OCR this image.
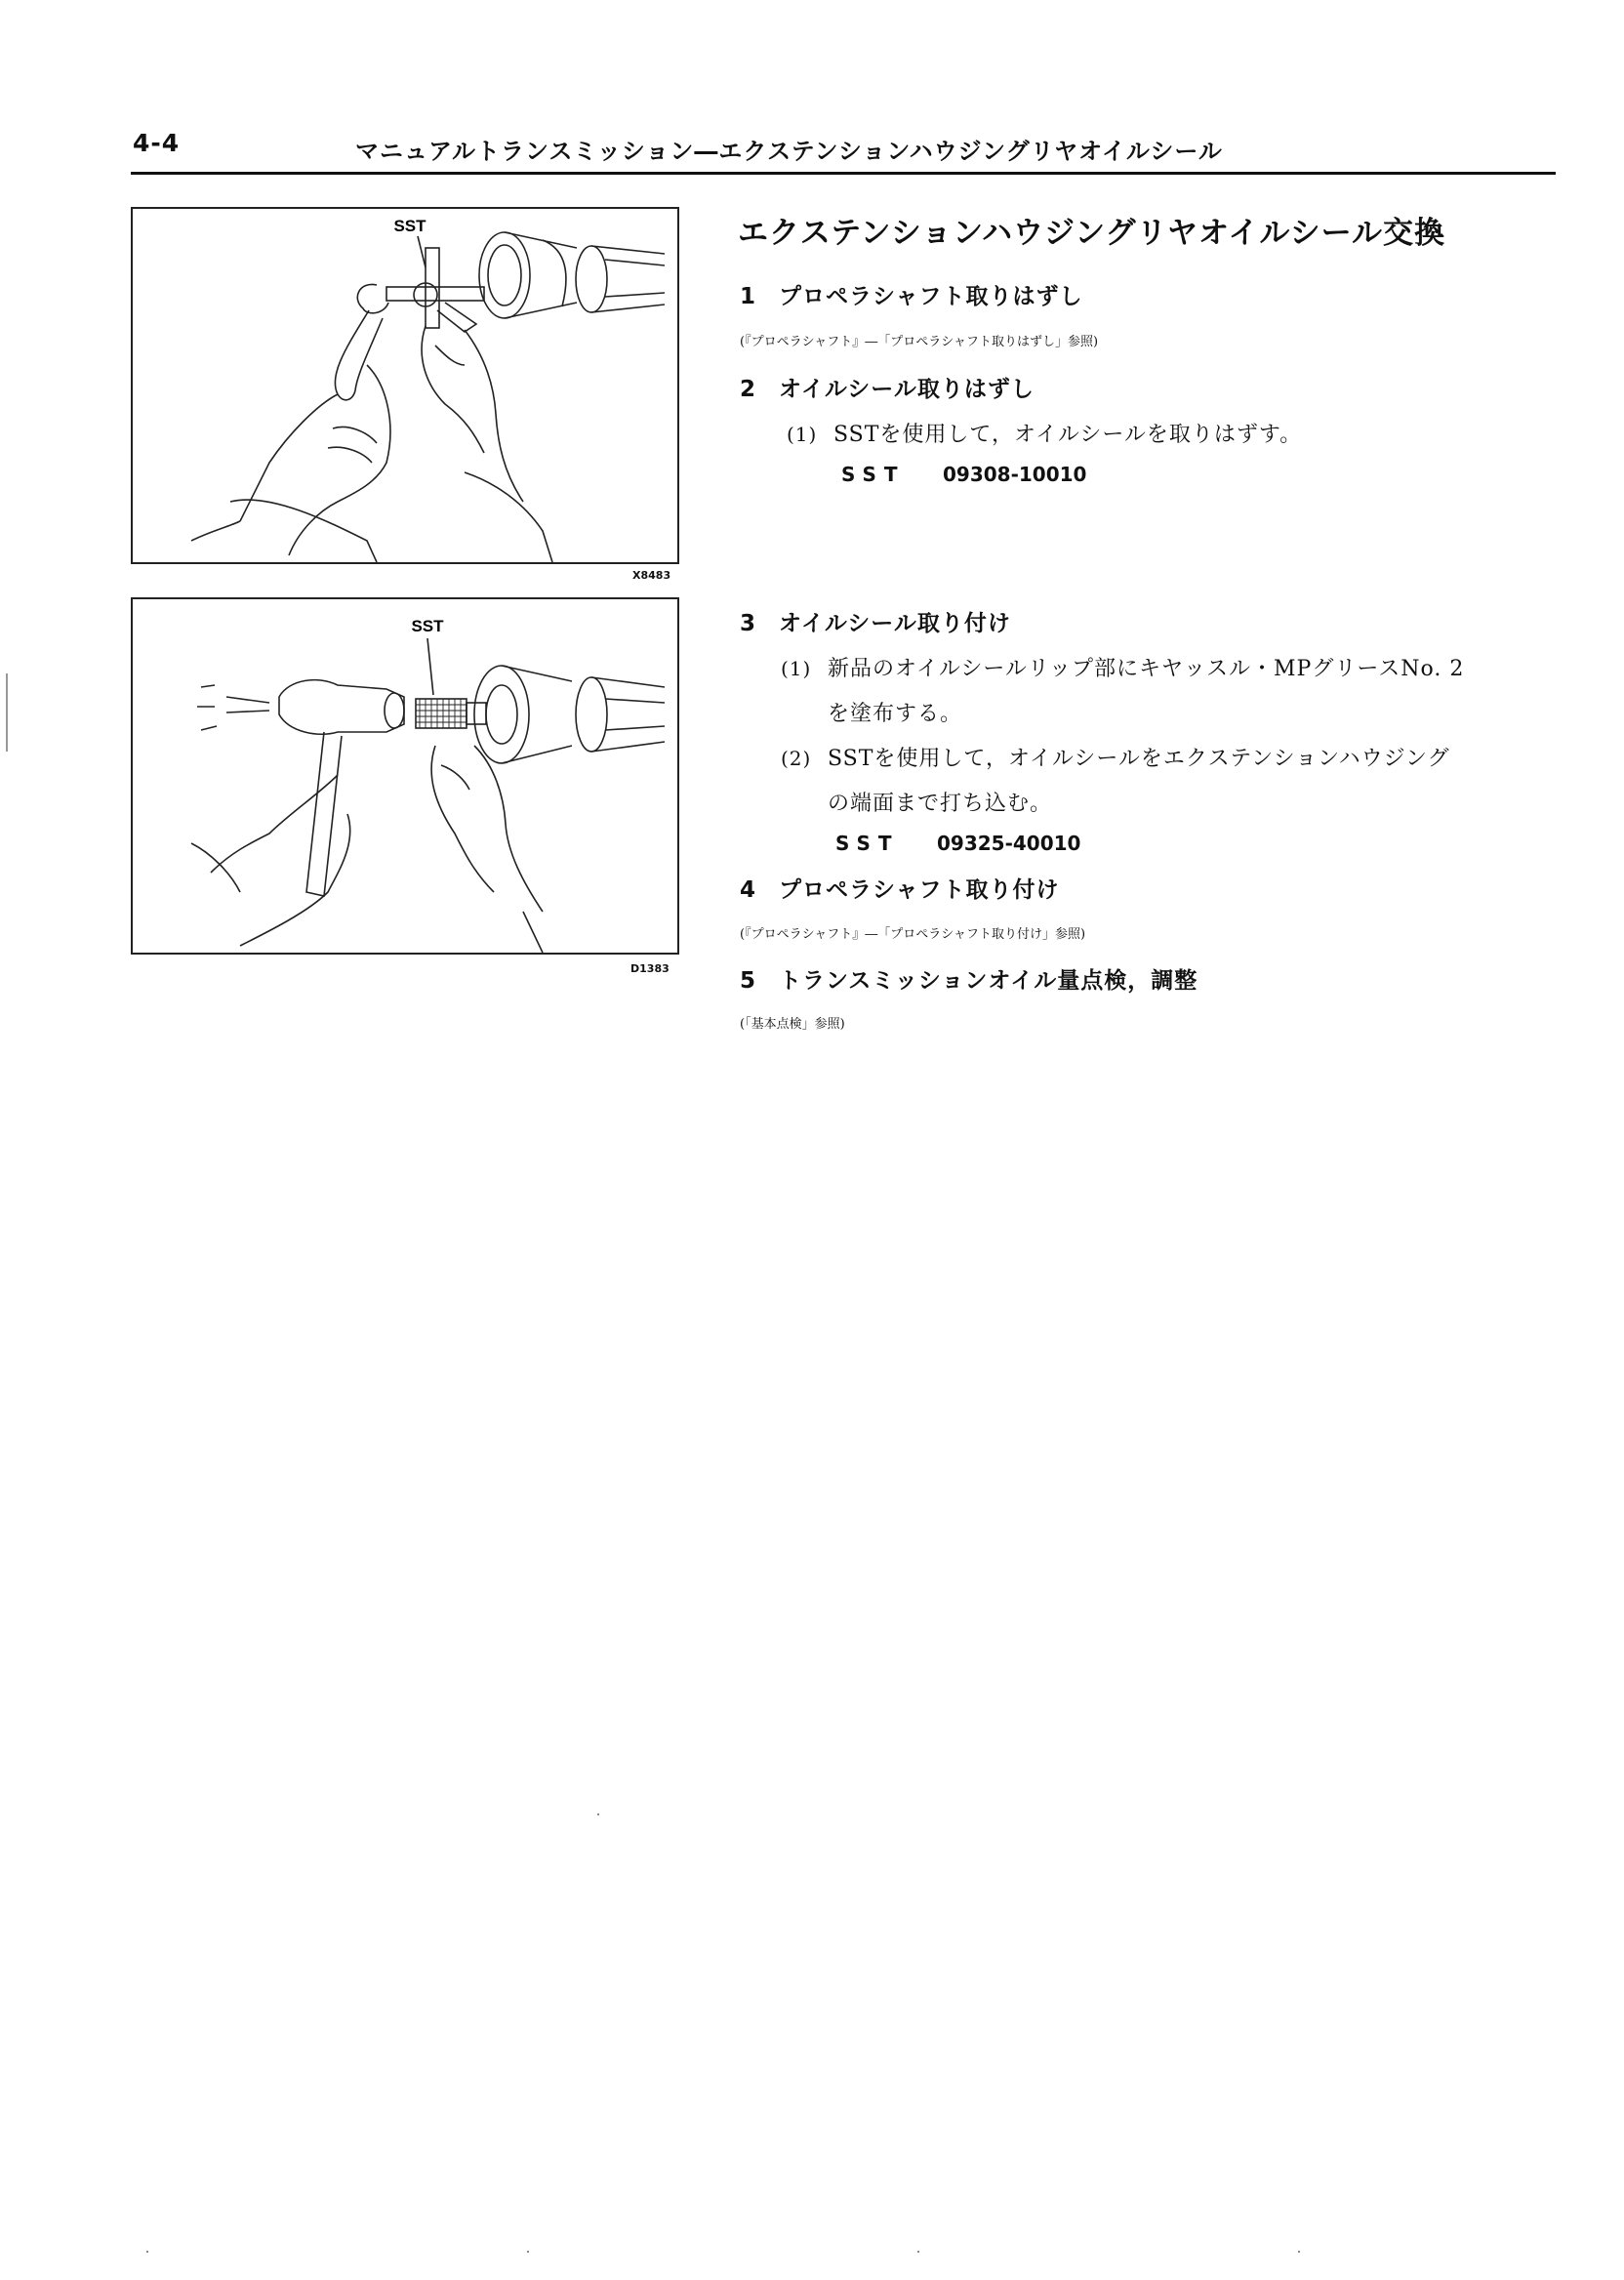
4-4	マニュアルトランスミッション―エクステンションハウジングリヤオイルシール
SST
X8483
SST
D1383
エクステンションハウジングリヤオイルシール交換
1 プロペラシャフト取りはずし
(『プロペラシャフト』―「プロペラシャフト取りはずし」参照)
2 オイルシール取りはずし
(1) SSTを使用して，オイルシールを取りはずす。
SST 09308-10010
3 オイルシール取り付け
(1) 新品のオイルシールリップ部にキヤッスル・MPグリースNo. 2
を塗布する。
(2) SSTを使用して，オイルシールをエクステンションハウジング
の端面まで打ち込む。
SST 09325-40010
4 プロペラシャフト取り付け
(『プロペラシャフト』―「プロペラシャフト取り付け」参照)
5 トランスミッションオイル量点検，調整
(「基本点検」参照)
